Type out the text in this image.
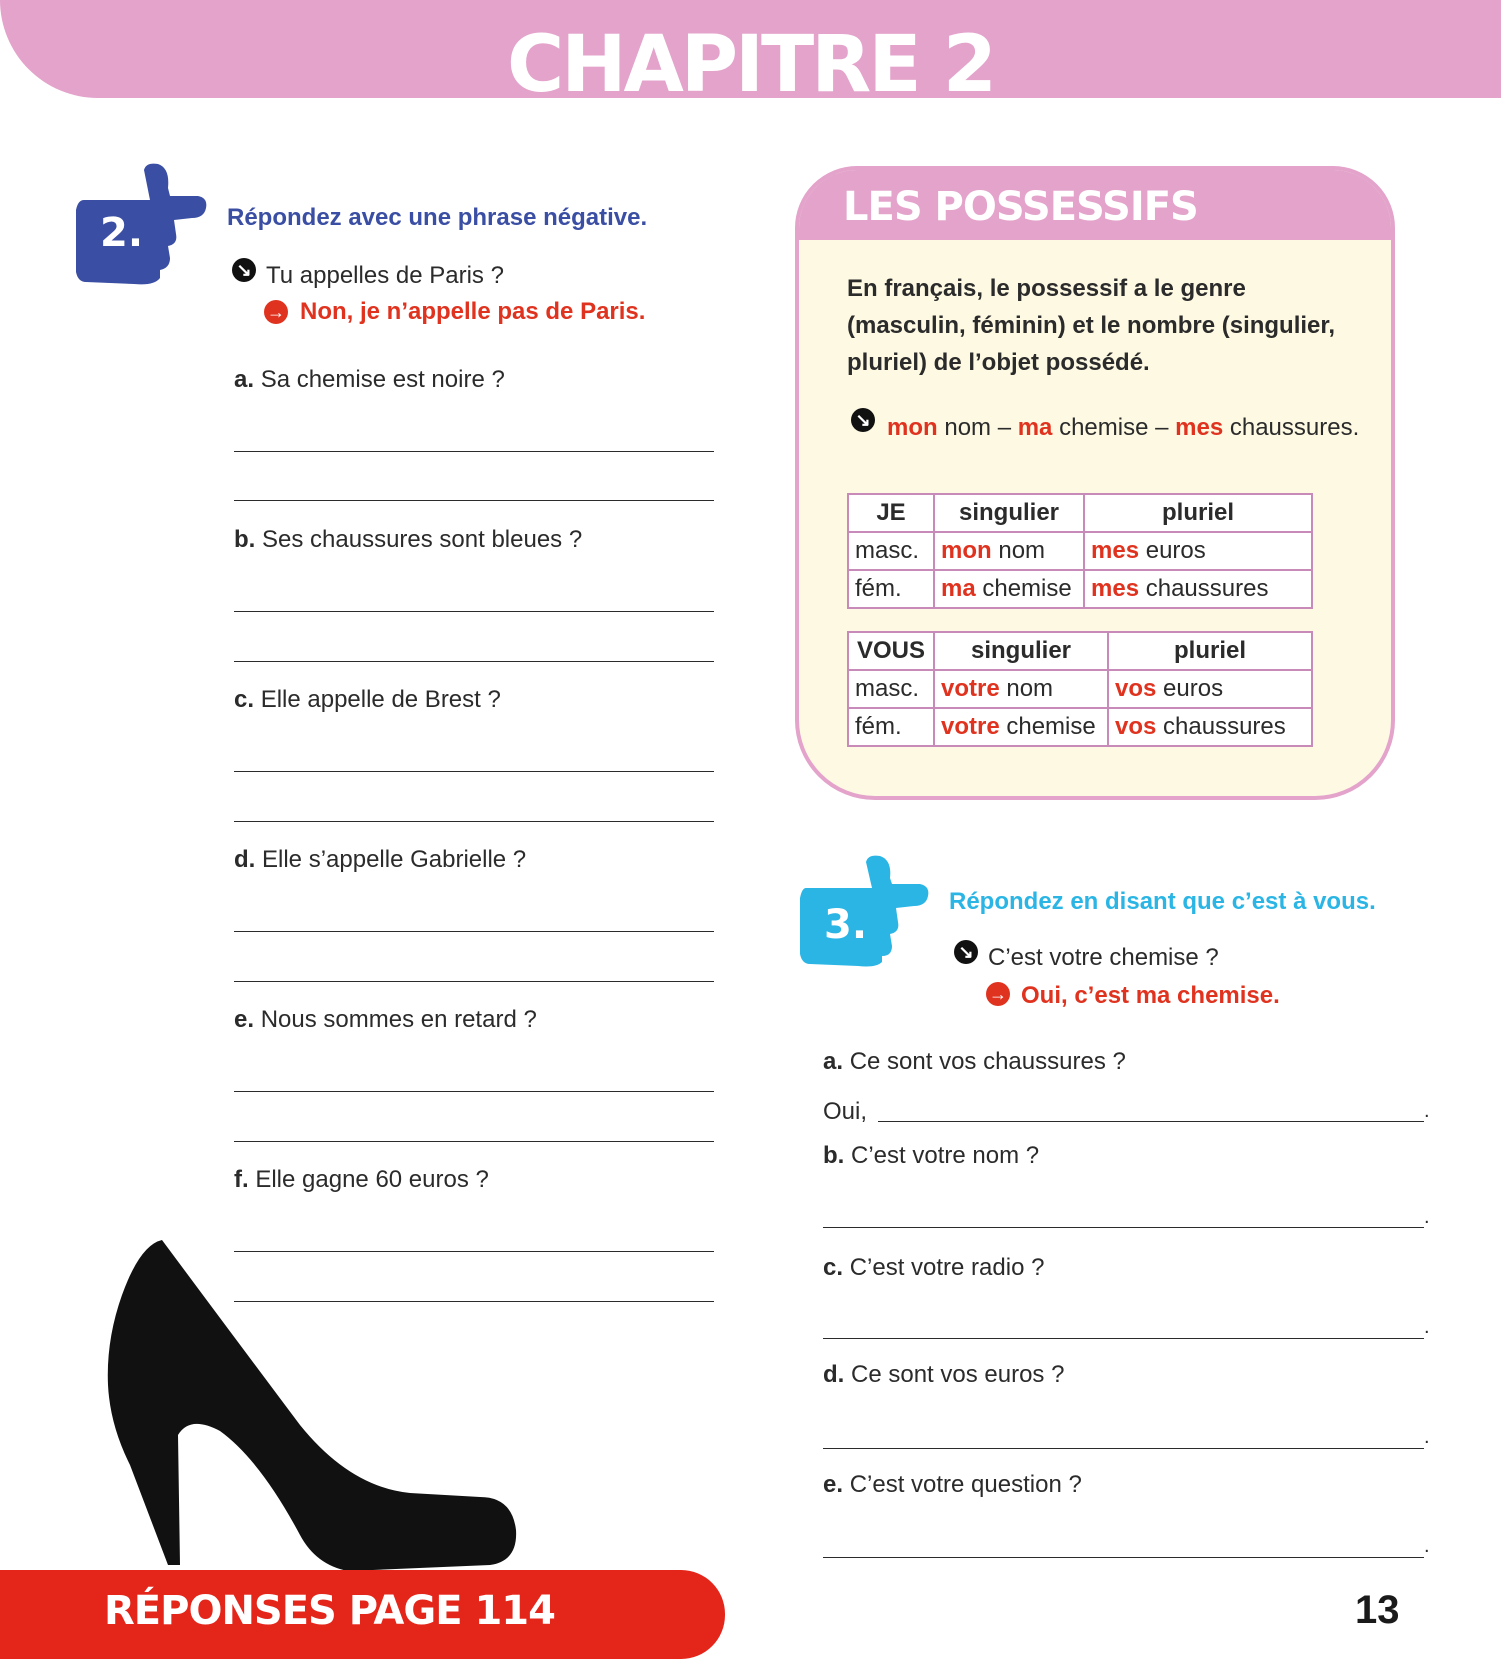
CHAPITRE 2
2.	Répondez avec une phrase négative.
↘ Tu appelles de Paris ?
→ Non, je n’appelle pas de Paris.
a. Sa chemise est noire ?
b. Ses chaussures sont bleues ?
c. Elle appelle de Brest ?
d. Elle s’appelle Gabrielle ?
e. Nous sommes en retard ?
f. Elle gagne 60 euros ?
LES POSSESSIFS
En français, le possessif a le genre (masculin, féminin) et le nombre (singulier, pluriel) de l’objet possédé.
↘ mon nom – ma chemise – mes chaussures.
JE	singulier	pluriel
masc.	mon nom	mes euros
fém.	ma chemise	mes chaussures
VOUS	singulier	pluriel
masc.	votre nom	vos euros
fém.	votre chemise	vos chaussures
3.
Répondez en disant que c’est à vous.
↘ C’est votre chemise ?
→ Oui, c’est ma chemise.
a. Ce sont vos chaussures ?
Oui,	.
b. C’est votre nom ?
.
c. C’est votre radio ?
.
d. Ce sont vos euros ?
.
e. C’est votre question ?
.
RÉPONSES PAGE 114	13
